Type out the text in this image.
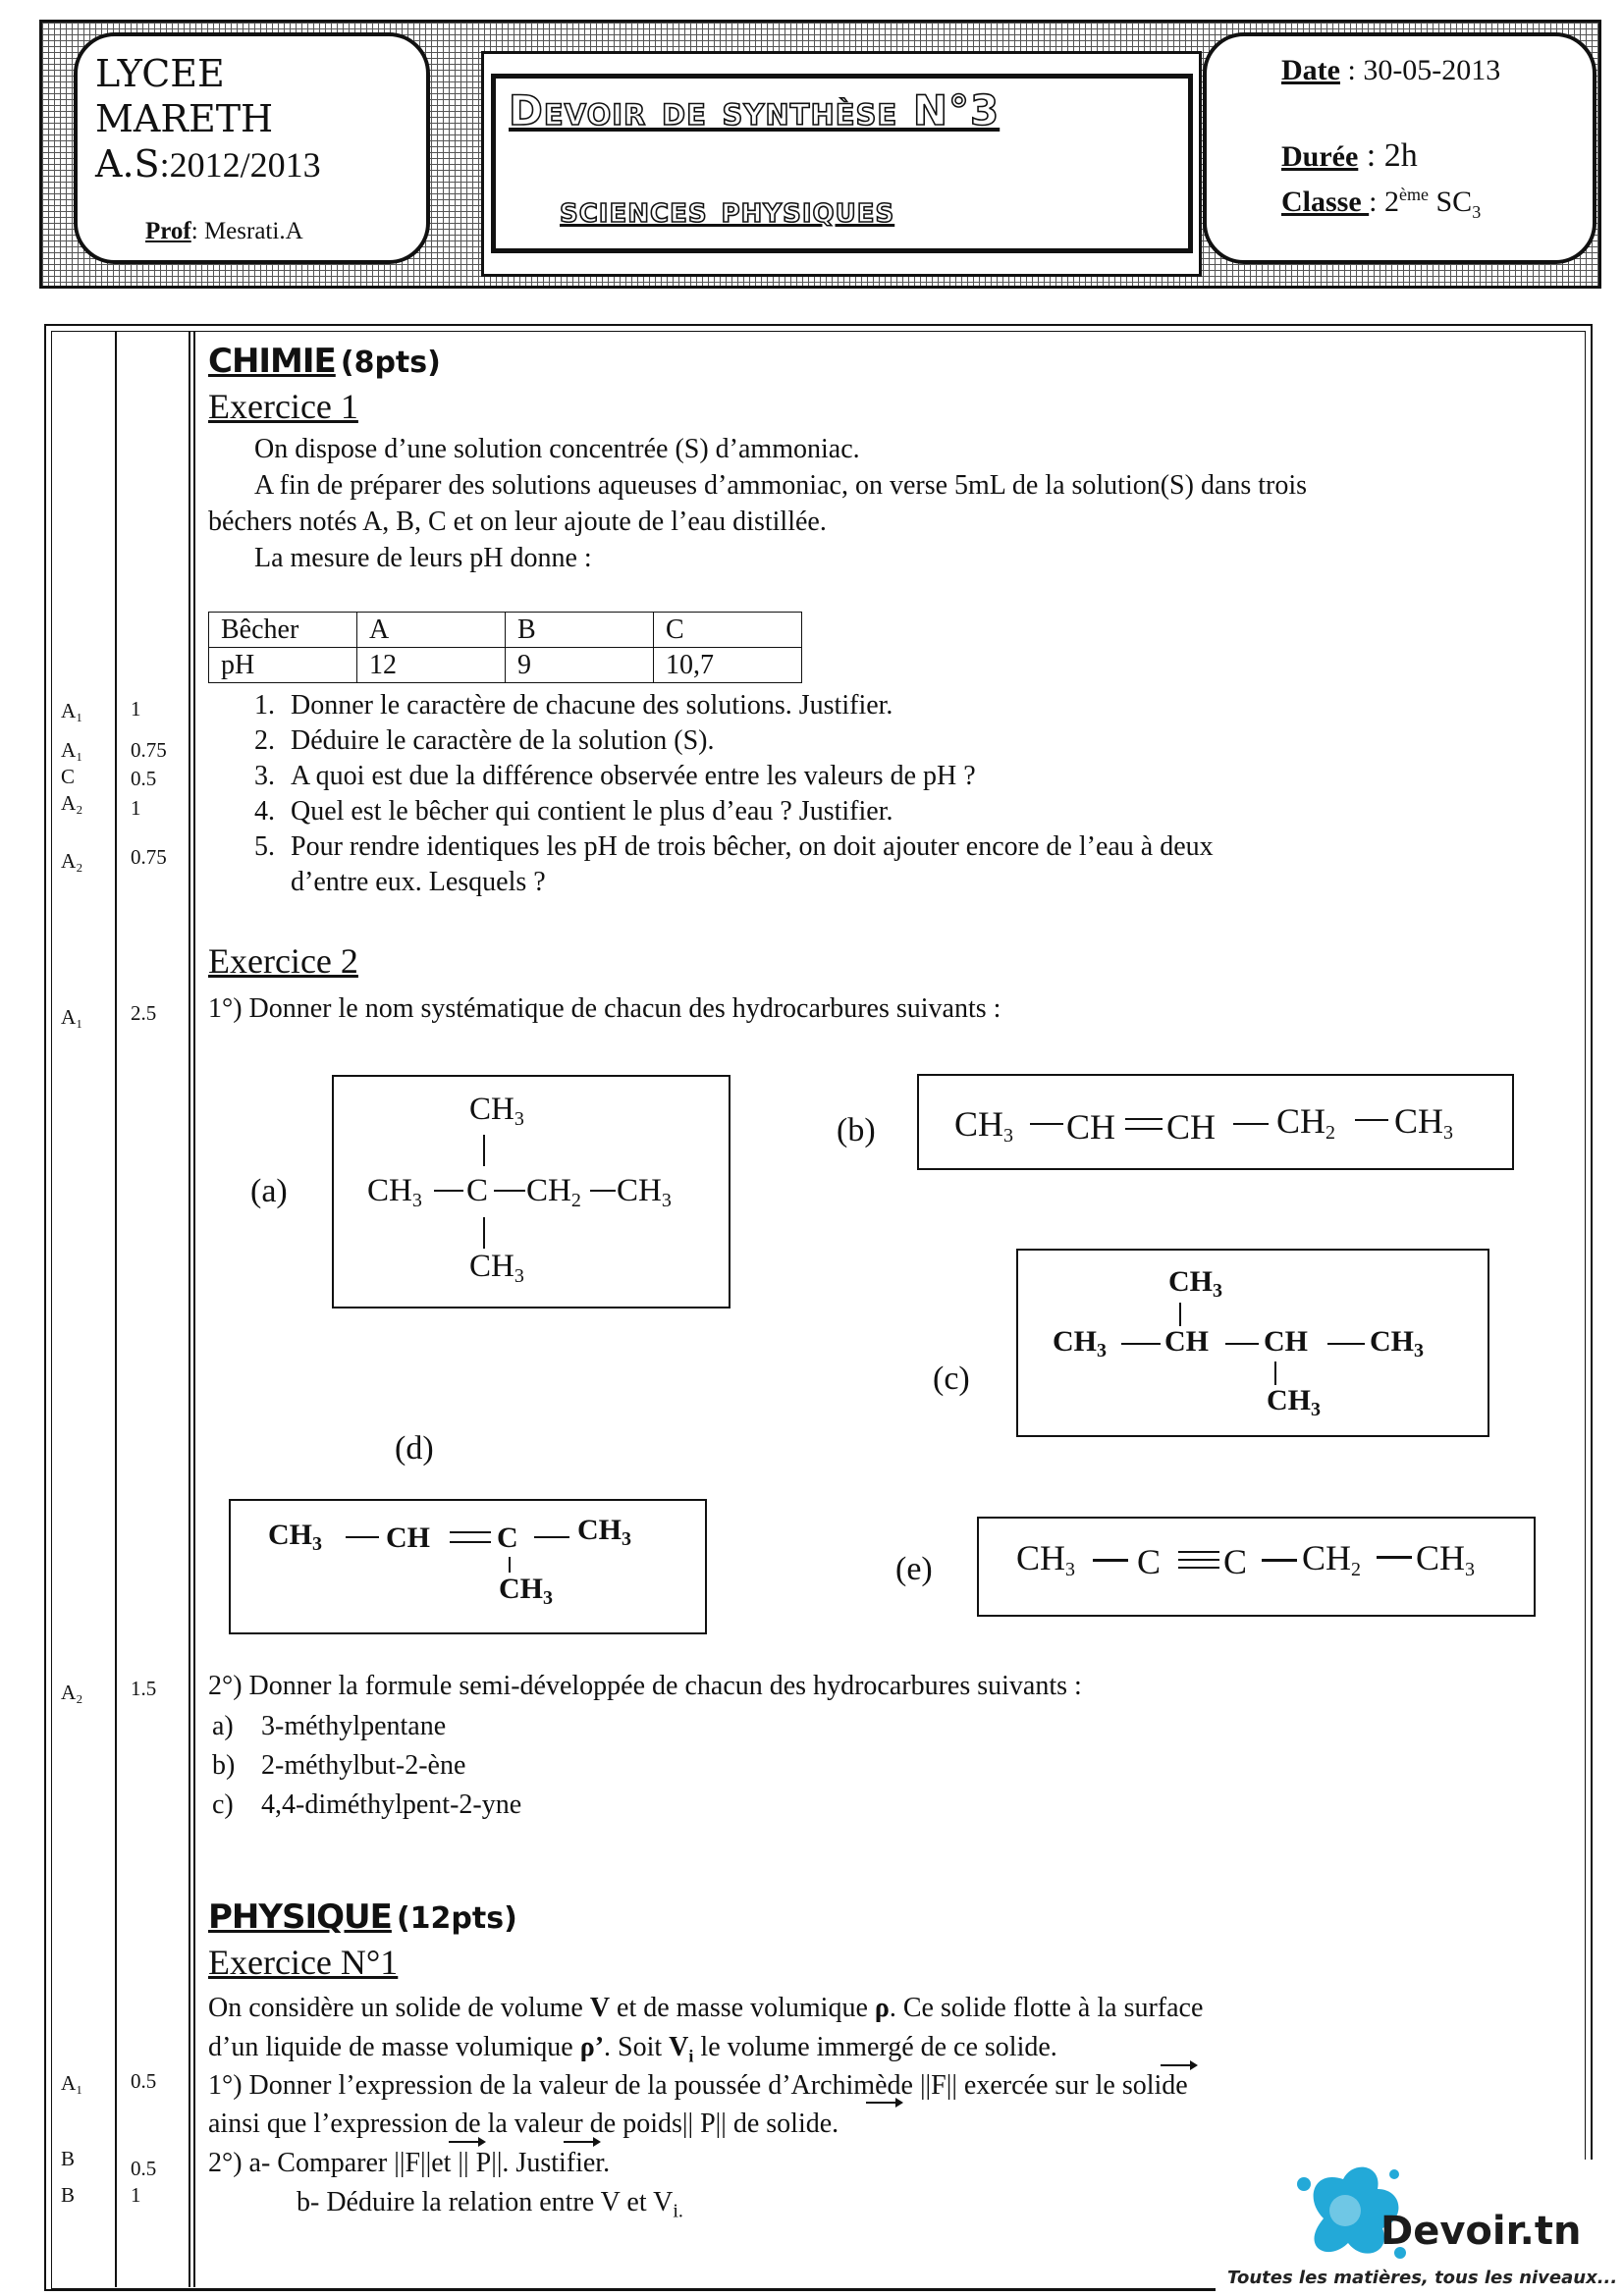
LYCEE
MARETH
A.S:2012/2013
Prof: Mesrati.A
Devoir de synthèse N°3
sciences physiques
Date : 30-05-2013
Durée : 2h
Classe : 2ème $SC_3$
A₁ 1
A₁ 0.75
C	0.5
A₂ 1
A₂ 0.75
A₁ 2.5
A₂ 1.5
A₁ 0.5
B	0.5
B	1
CHIMIE (8pts)
Exercice 1
On dispose d’une solution concentrée (S) d’ammoniac.
A fin de préparer des solutions aqueuses d’ammoniac, on verse 5mL de la solution(S) dans trois
béchers notés A, B, C et on leur ajoute de l’eau distillée.
La mesure de leurs pH donne :
Bêcher	A	B	C
pH	12	9	10,7
1. Donner le caractère de chacune des solutions. Justifier.
2. Déduire le caractère de la solution (S).
3. A quoi est due la différence observée entre les valeurs de pH ?
4. Quel est le bêcher qui contient le plus d’eau ? Justifier.
5. Pour rendre identiques les pH de trois bêcher, on doit ajouter encore de l’eau à deux
d’entre eux. Lesquels ?
Exercice 2
1°) Donner le nom systématique de chacun des hydrocarbures suivants :
(a)
$CH_3$
$CH_3$ C $CH_2$ $CH_3$
$CH_3$
(b) $CH_3$ CH CH $CH_2$ $CH_3$
(c)
$CH_3$
$CH_3$ CH CH $CH_3$
$CH_3$
(d)
$CH_3$ CH C $CH_3$
$CH_3$
(e) $CH_3$ C C $CH_2$ $CH_3$
2°) Donner la formule semi-développée de chacun des hydrocarbures suivants :
a) 3-méthylpentane
b) 2-méthylbut-2-ène
c) 4,4-diméthylpent-2-yne
PHYSIQUE (12pts)
Exercice N°1
On considère un solide de volume V et de masse volumique ρ. Ce solide flotte à la surface
d’un liquide de masse volumique ρ’. Soit $V_i$ le volume immergé de ce solide.
1°) Donner l’expression de la valeur de la poussée d’Archimède ||F|| exercée sur le solide
ainsi que l’expression de la valeur de poids|| P|| de solide.
2°) a- Comparer ||F||et || P||. Justifier.
b- Déduire la relation entre V et $V_{i.}$	Devoir.tn
Toutes les matières, tous les niveaux...
